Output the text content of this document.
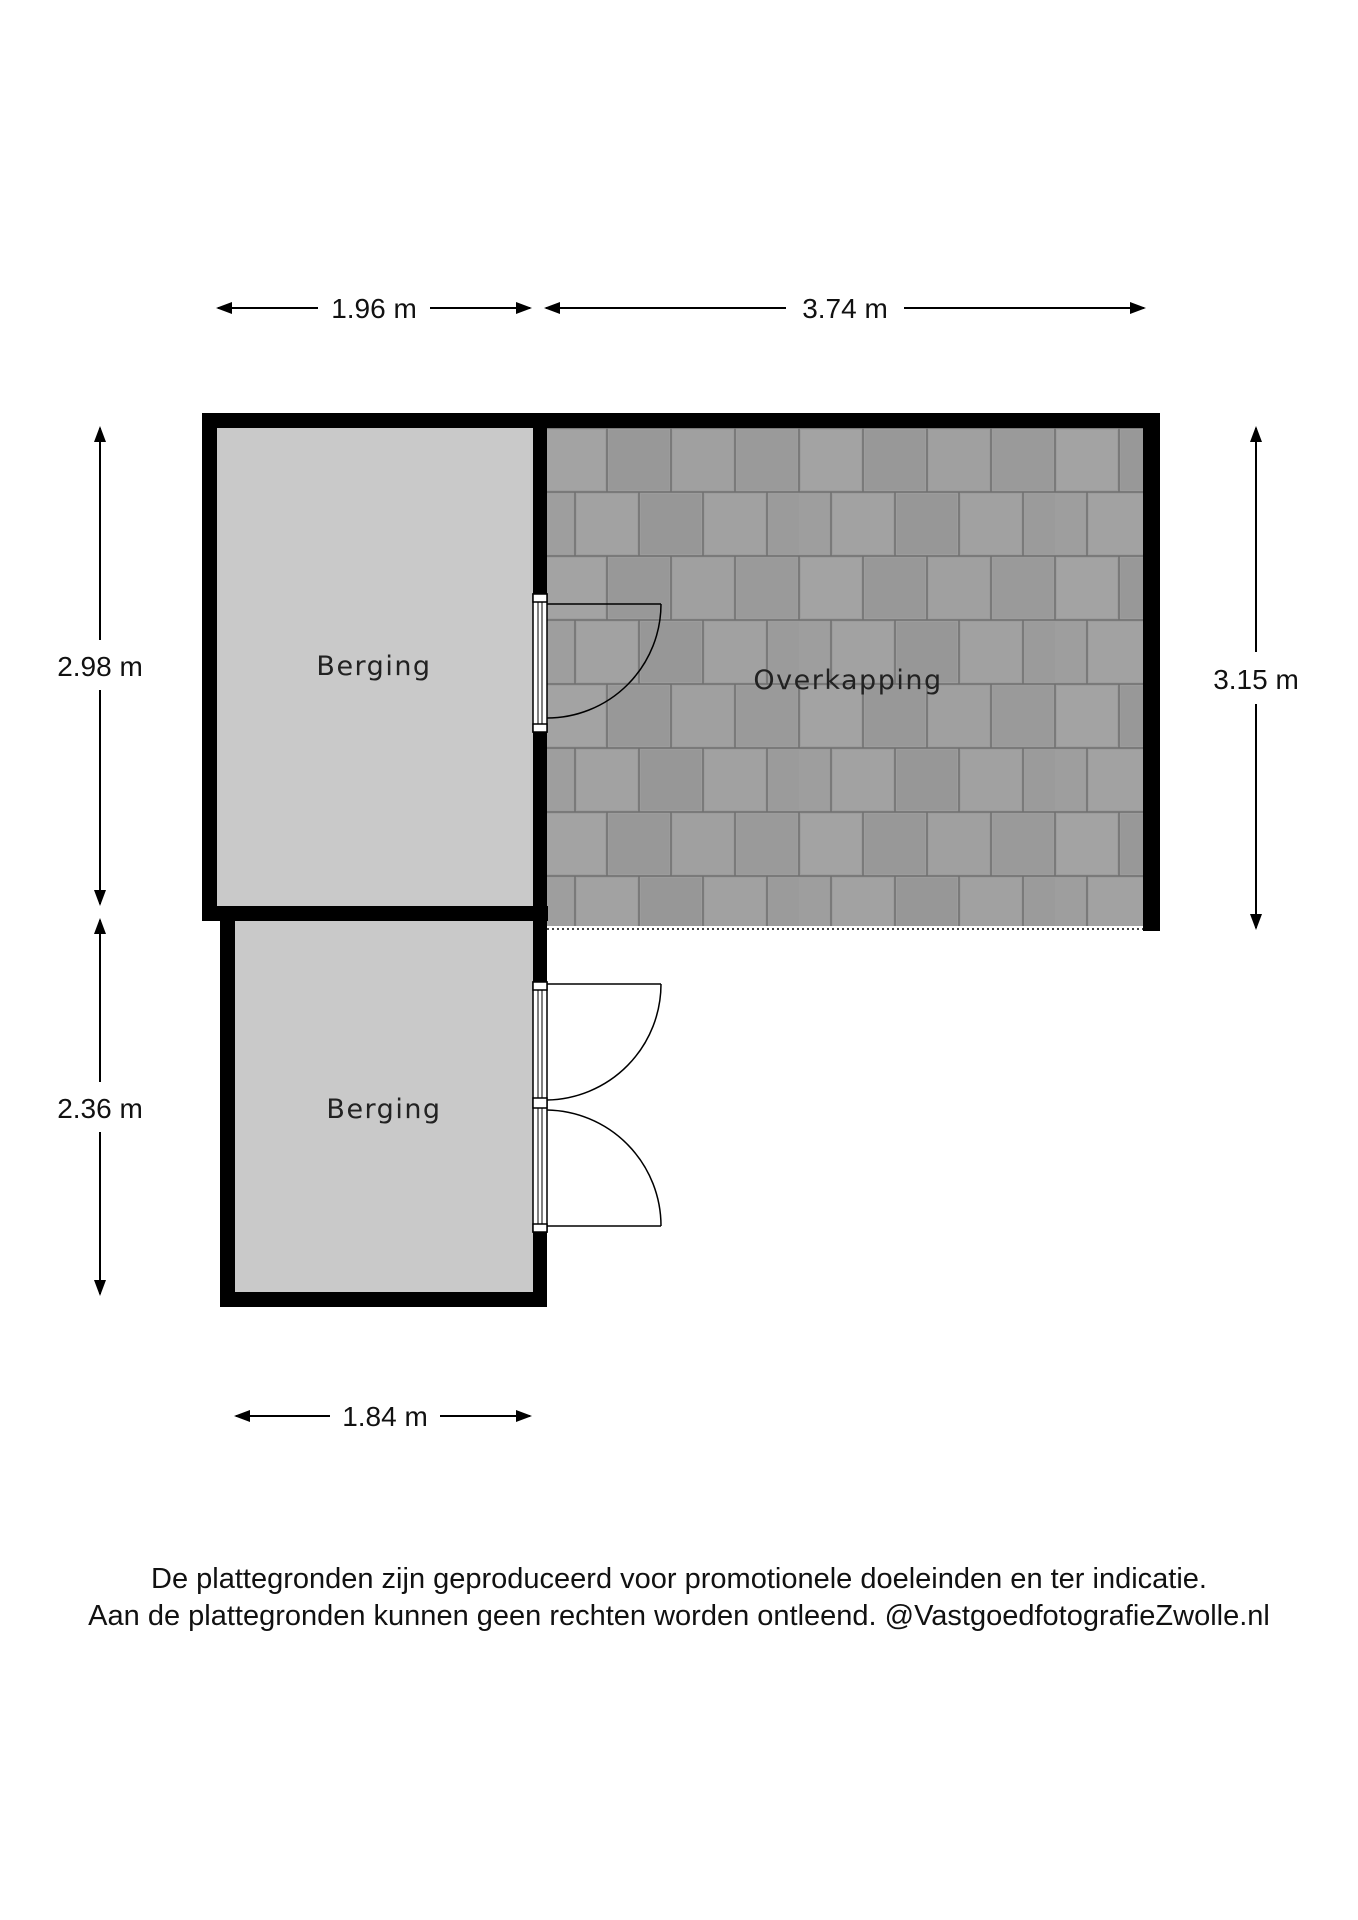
1.96 m	3.74 m
2.98 m
2.36 m
3.15 m
1.84 m
Berging
Berging
Overkapping
De plattegronden zijn geproduceerd voor promotionele doeleinden en ter indicatie.
Aan de plattegronden kunnen geen rechten worden ontleend. @VastgoedfotografieZwolle.nl
